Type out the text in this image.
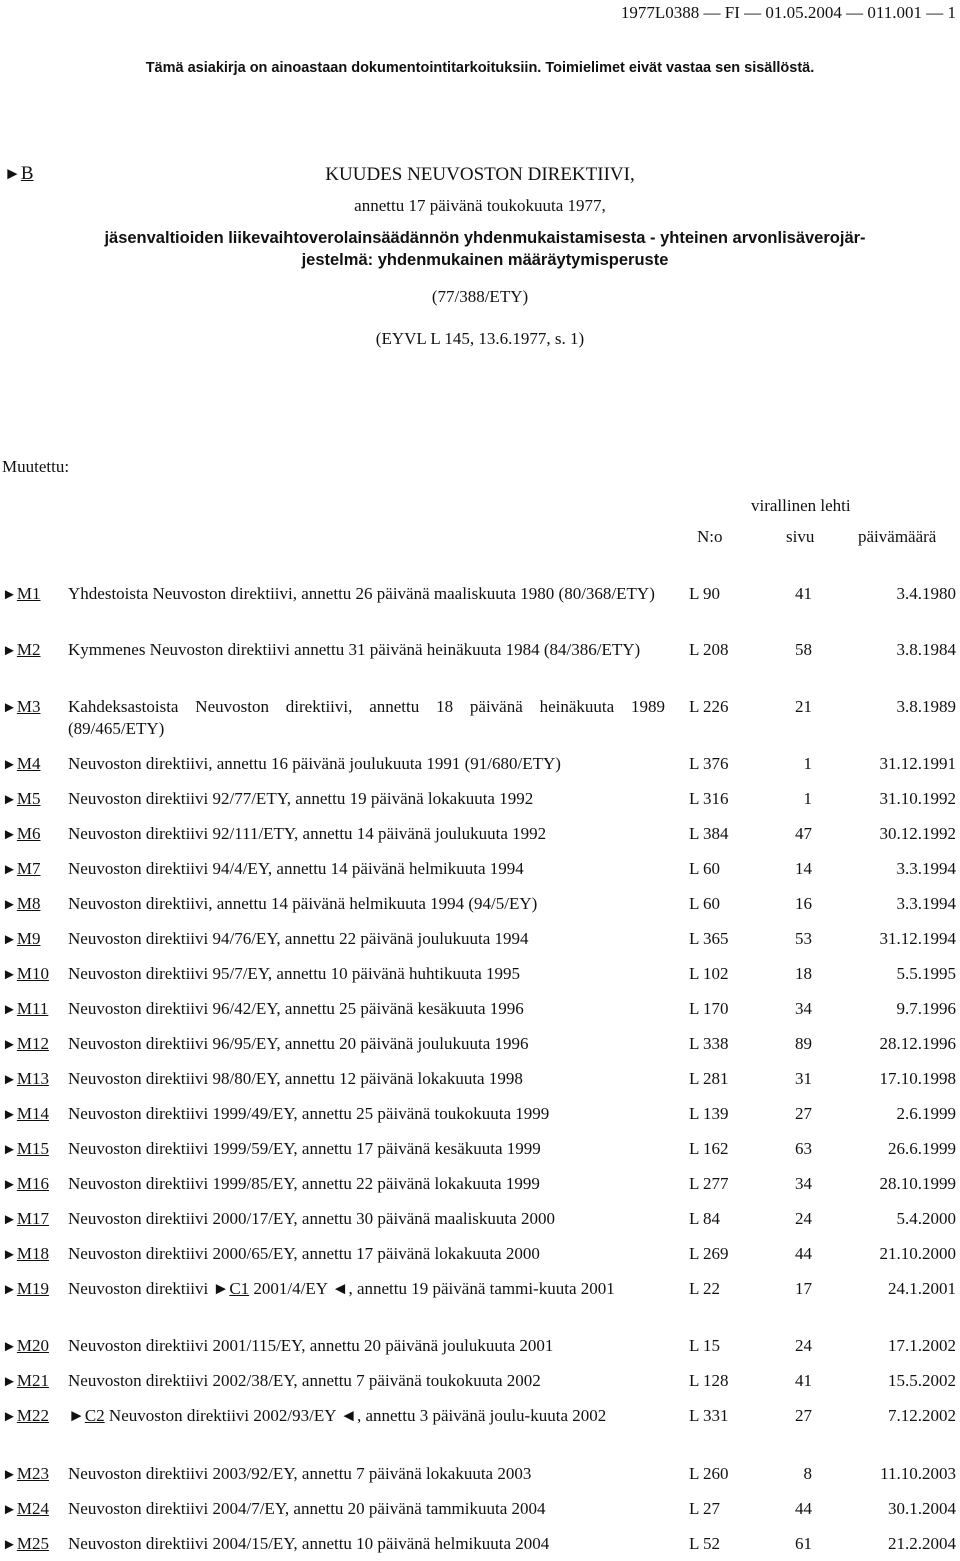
1977L0388 — FI — 01.05.2004 — 011.001 — 1
Tämä asiakirja on ainoastaan dokumentointitarkoituksiin. Toimielimet eivät vastaa sen sisällöstä.
►B	KUUDES NEUVOSTON DIREKTIIVI,
annettu 17 päivänä toukokuuta 1977,
jäsenvaltioiden liikevaihtoverolainsäädännön yhdenmukaistamisesta - yhteinen arvonlisäverojär-
jestelmä: yhdenmukainen määräytymisperuste
(77/388/ETY)
(EYVL L 145, 13.6.1977, s. 1)
Muutettu:
virallinen lehti
N:o	sivu	päivämäärä
►M1 Yhdestoista Neuvoston direktiivi, annettu 26 päivänä maaliskuuta 1980 (80/368/ETY)	L 90	41	3.4.1980
►M2 Kymmenes Neuvoston direktiivi annettu 31 päivänä heinäkuuta 1984 (84/386/ETY)	L 208	58	3.8.1984
►M3 Kahdeksastoista Neuvoston direktiivi, annettu 18 päivänä heinäkuuta 1989 (89/465/ETY)
L 226	21	3.8.1989
►M4 Neuvoston direktiivi, annettu 16 päivänä joulukuuta 1991 (91/680/ETY)	L 376	1	31.12.1991
►M5 Neuvoston direktiivi 92/77/ETY, annettu 19 päivänä lokakuuta 1992	L 316	1	31.10.1992
►M6 Neuvoston direktiivi 92/111/ETY, annettu 14 päivänä joulukuuta 1992	L 384	47	30.12.1992
►M7 Neuvoston direktiivi 94/4/EY, annettu 14 päivänä helmikuuta 1994	L 60	14	3.3.1994
►M8 Neuvoston direktiivi, annettu 14 päivänä helmikuuta 1994 (94/5/EY)	L 60	16	3.3.1994
►M9 Neuvoston direktiivi 94/76/EY, annettu 22 päivänä joulukuuta 1994	L 365	53	31.12.1994
►M10 Neuvoston direktiivi 95/7/EY, annettu 10 päivänä huhtikuuta 1995	L 102	18	5.5.1995
►M11 Neuvoston direktiivi 96/42/EY, annettu 25 päivänä kesäkuuta 1996	L 170	34	9.7.1996
►M12 Neuvoston direktiivi 96/95/EY, annettu 20 päivänä joulukuuta 1996	L 338	89	28.12.1996
►M13 Neuvoston direktiivi 98/80/EY, annettu 12 päivänä lokakuuta 1998	L 281	31	17.10.1998
►M14 Neuvoston direktiivi 1999/49/EY, annettu 25 päivänä toukokuuta 1999	L 139	27	2.6.1999
►M15 Neuvoston direktiivi 1999/59/EY, annettu 17 päivänä kesäkuuta 1999	L 162	63	26.6.1999
►M16 Neuvoston direktiivi 1999/85/EY, annettu 22 päivänä lokakuuta 1999	L 277	34	28.10.1999
►M17 Neuvoston direktiivi 2000/17/EY, annettu 30 päivänä maaliskuuta 2000	L 84	24	5.4.2000
►M18 Neuvoston direktiivi 2000/65/EY, annettu 17 päivänä lokakuuta 2000	L 269	44	21.10.2000
►M19 Neuvoston direktiivi ►C1 2001/4/EY ◄, annettu 19 päivänä tammi-kuuta 2001	L 22	17	24.1.2001
►M20 Neuvoston direktiivi 2001/115/EY, annettu 20 päivänä joulukuuta 2001	L 15	24	17.1.2002
►M21 Neuvoston direktiivi 2002/38/EY, annettu 7 päivänä toukokuuta 2002	L 128	41	15.5.2002
►M22 ►C2 Neuvoston direktiivi 2002/93/EY ◄, annettu 3 päivänä joulu-kuuta 2002	L 331	27	7.12.2002
►M23 Neuvoston direktiivi 2003/92/EY, annettu 7 päivänä lokakuuta 2003	L 260	8	11.10.2003
►M24 Neuvoston direktiivi 2004/7/EY, annettu 20 päivänä tammikuuta 2004	L 27	44	30.1.2004
►M25 Neuvoston direktiivi 2004/15/EY, annettu 10 päivänä helmikuuta 2004	L 52	61	21.2.2004
